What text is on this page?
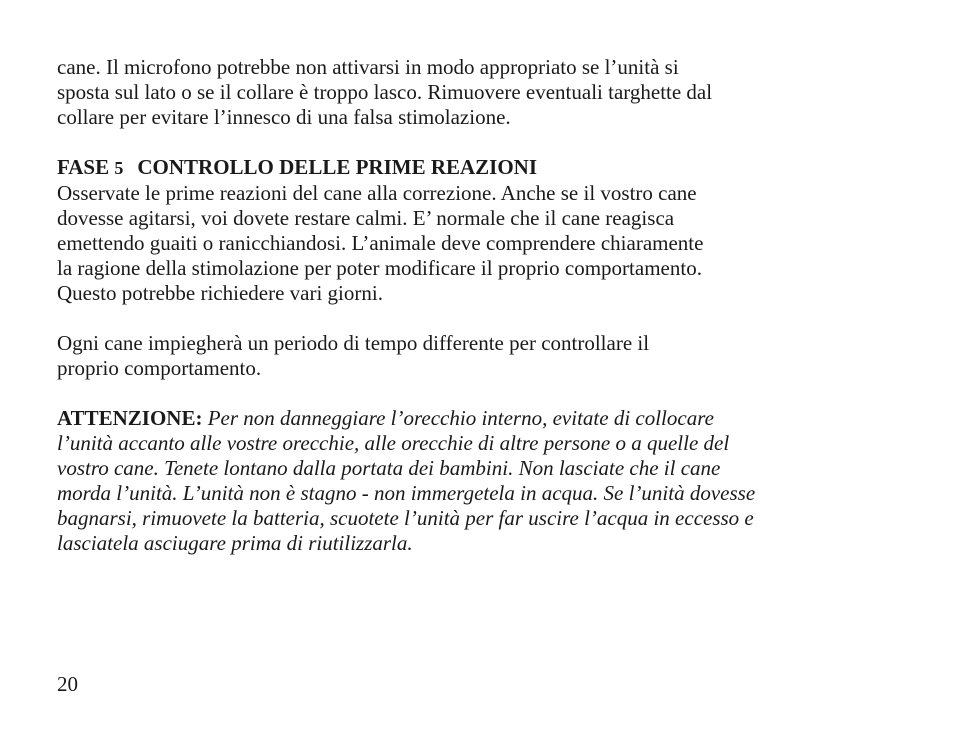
cane. Il microfono potrebbe non attivarsi in modo appropriato se l’unità si
sposta sul lato o se il collare è troppo lasco. Rimuovere eventuali targhette dal
collare per evitare l’innesco di una falsa stimolazione.
FASE 5 CONTROLLO DELLE PRIME REAZIONI
Osservate le prime reazioni del cane alla correzione. Anche se il vostro cane
dovesse agitarsi, voi dovete restare calmi. E’ normale che il cane reagisca
emettendo guaiti o ranicchiandosi. L’animale deve comprendere chiaramente
la ragione della stimolazione per poter modificare il proprio comportamento.
Questo potrebbe richiedere vari giorni.
Ogni cane impiegherà un periodo di tempo differente per controllare il
proprio comportamento.
ATTENZIONE: Per non danneggiare l’orecchio interno, evitate di collocare
l’unità accanto alle vostre orecchie, alle orecchie di altre persone o a quelle del
vostro cane. Tenete lontano dalla portata dei bambini. Non lasciate che il cane
morda l’unità. L’unità non è stagno - non immergetela in acqua. Se l’unità dovesse
bagnarsi, rimuovete la batteria, scuotete l’unità per far uscire l’acqua in eccesso e
lasciatela asciugare prima di riutilizzarla.
20
